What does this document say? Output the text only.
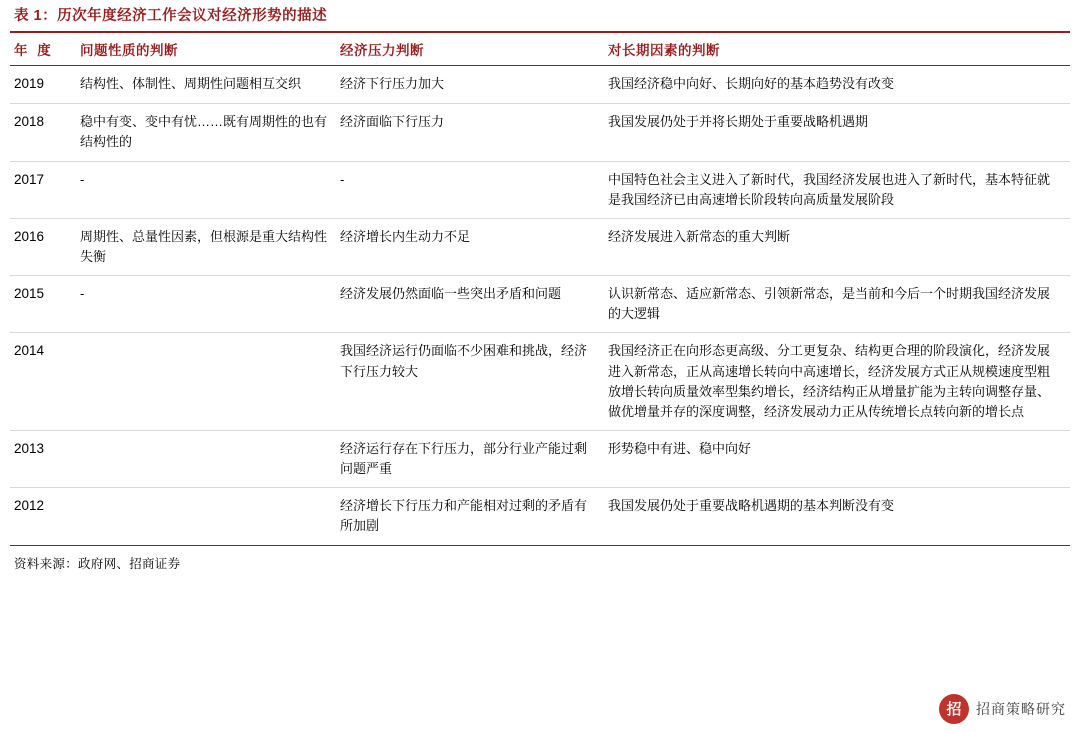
表 1：历次年度经济工作会议对经济形势的描述
年 度	问题性质的判断	经济压力判断	对长期因素的判断
2019	结构性、体制性、周期性问题相互交织	经济下行压力加大	我国经济稳中向好、长期向好的基本趋势没有改变
2018	稳中有变、变中有忧……既有周期性的也有结构性的	经济面临下行压力	我国发展仍处于并将长期处于重要战略机遇期
2017	-	-	中国特色社会主义进入了新时代，我国经济发展也进入了新时代，基本特征就是我国经济已由高速增长阶段转向高质量发展阶段
2016	周期性、总量性因素，但根源是重大结构性失衡	经济增长内生动力不足	经济发展进入新常态的重大判断
2015	-	经济发展仍然面临一些突出矛盾和问题	认识新常态、适应新常态、引领新常态，是当前和今后一个时期我国经济发展的大逻辑
2014		我国经济运行仍面临不少困难和挑战，经济下行压力较大	我国经济正在向形态更高级、分工更复杂、结构更合理的阶段演化，经济发展进入新常态，正从高速增长转向中高速增长，经济发展方式正从规模速度型粗放增长转向质量效率型集约增长，经济结构正从增量扩能为主转向调整存量、做优增量并存的深度调整，经济发展动力正从传统增长点转向新的增长点
2013		经济运行存在下行压力，部分行业产能过剩问题严重	形势稳中有进、稳中向好
2012		经济增长下行压力和产能相对过剩的矛盾有所加剧	我国发展仍处于重要战略机遇期的基本判断没有变
资料来源：政府网、招商证券
招	招商策略研究
